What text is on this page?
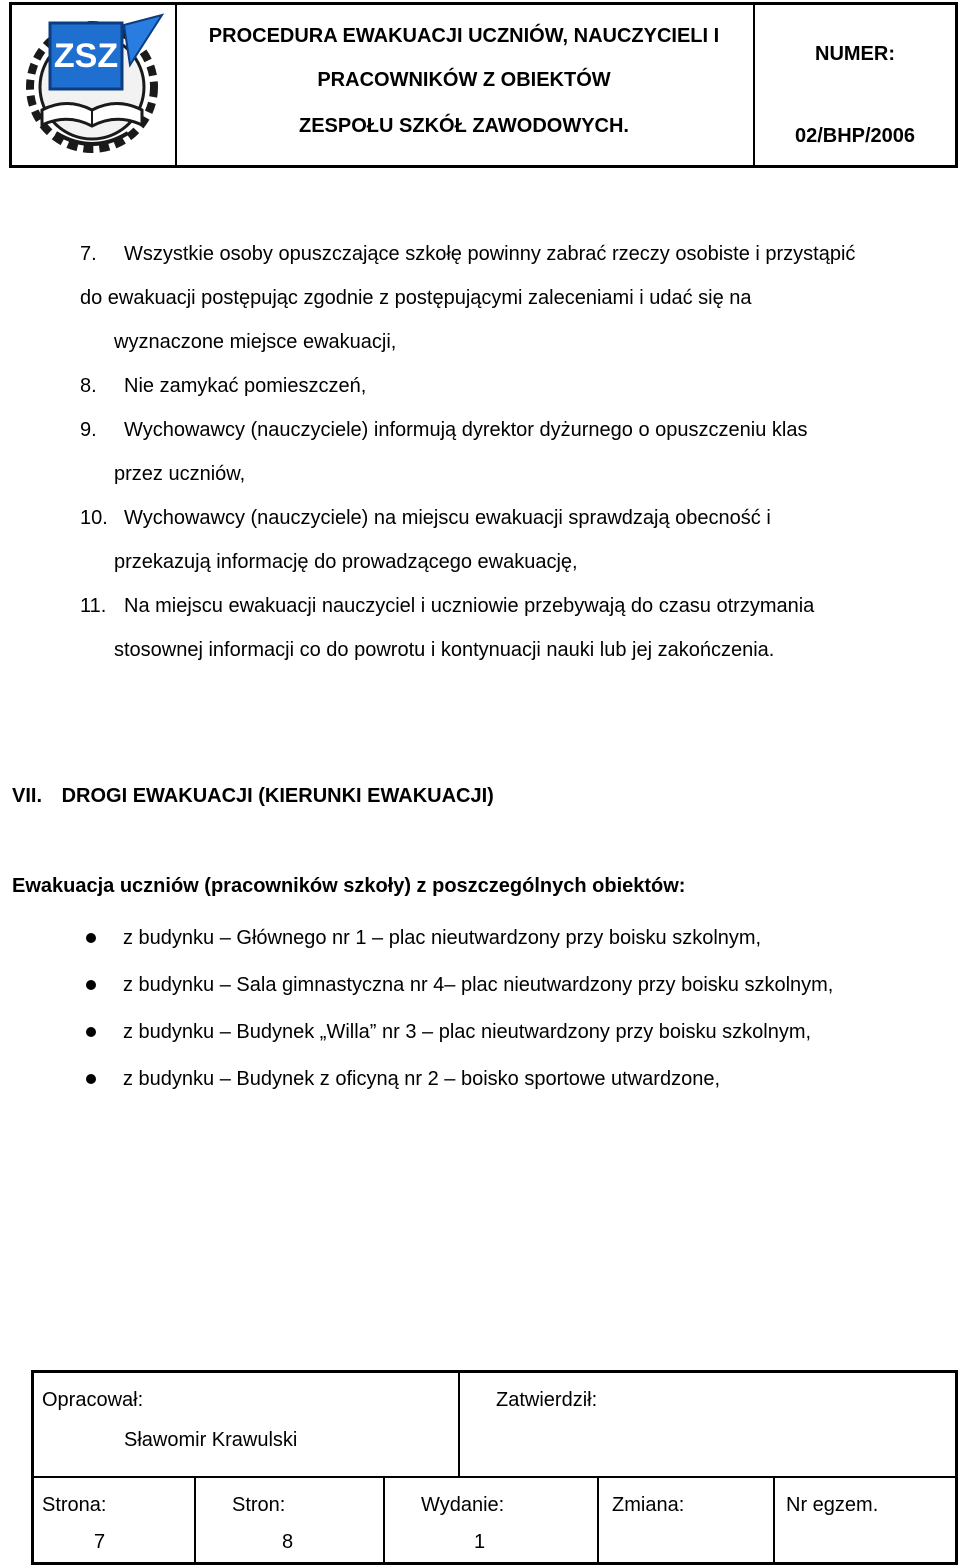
ZSZ
PROCEDURA EWAKUACJI UCZNIÓW, NAUCZYCIELI I
PRACOWNIKÓW Z OBIEKTÓW
ZESPOŁU SZKÓŁ ZAWODOWYCH.
NUMER:
02/BHP/2006
7.	Wszystkie osoby opuszczające szkołę powinny zabrać rzeczy osobiste i przystąpić
do ewakuacji postępując zgodnie z postępującymi zaleceniami i udać się na
wyznaczone miejsce ewakuacji,
8.	Nie zamykać pomieszczeń,
9.	Wychowawcy (nauczyciele) informują dyrektor dyżurnego o opuszczeniu klas
przez uczniów,
10. Wychowawcy (nauczyciele) na miejscu ewakuacji sprawdzają obecność i
przekazują informację do prowadzącego ewakuację,
11. Na miejscu ewakuacji nauczyciel i uczniowie przebywają do czasu otrzymania
stosownej informacji co do powrotu i kontynuacji nauki lub jej zakończenia.
VII. DROGI EWAKUACJI (KIERUNKI EWAKUACJI)
Ewakuacja uczniów (pracowników szkoły) z poszczególnych obiektów:
z budynku – Głównego nr 1 – plac nieutwardzony przy boisku szkolnym,
z budynku – Sala gimnastyczna nr 4– plac nieutwardzony przy boisku szkolnym,
z budynku – Budynek „Willa” nr 3 – plac nieutwardzony przy boisku szkolnym,
z budynku – Budynek z oficyną nr 2 – boisko sportowe utwardzone,
Opracował:
Sławomir Krawulski
Zatwierdził:
Strona:
7
Stron:
8
Wydanie:
1
Zmiana:	Nr egzem.
